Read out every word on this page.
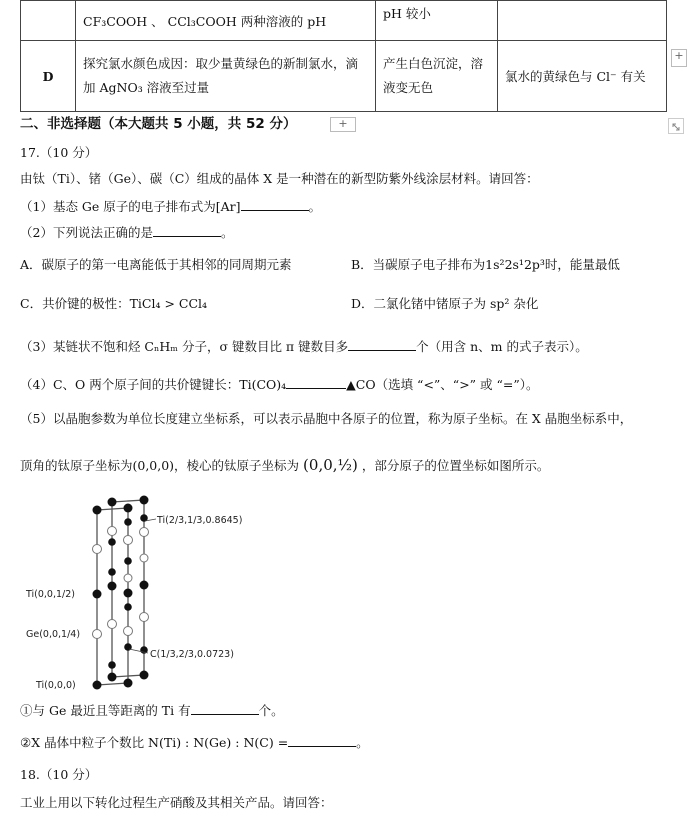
	CF₃COOH 、 CCl₃COOH 两种溶液的 pH	pH 较小	
D	探究氯水颜色成因：取少量黄绿色的新制氯水，滴
加 AgNO₃ 溶液至过量	产生白色沉淀，溶
液变无色	氯水的黄绿色与 Cl⁻ 有关
+
二、非选择题（本大题共 5 小题，共 52 分）	+
17.（10 分）
由钛（Ti）、锗（Ge）、碳（C）组成的晶体 X 是一种潜在的新型防紫外线涂层材料。请回答：
（1）基态 Ge 原子的电子排布式为[Ar]	。
（2）下列说法正确的是	。
A．碳原子的第一电离能低于其相邻的同周期元素	B．当碳原子电子排布为1s²2s¹2p³时，能量最低
C．共价键的极性：TiCl₄ > CCl₄	D．二氯化锗中锗原子为 sp² 杂化
（3）某链状不饱和烃 CₙHₘ 分子，σ 键数目比 π 键数目多	个（用含 n、m 的式子表示）。
（4）C、O 两个原子间的共价键键长：Ti(CO)₄	▲CO（选填 “<”、“>” 或 “=”）。
（5）以晶胞参数为单位长度建立坐标系，可以表示晶胞中各原子的位置，称为原子坐标。在 X 晶胞坐标系中，
顶角的钛原子坐标为(0,0,0)，棱心的钛原子坐标为 (0,0,½) ，部分原子的位置坐标如图所示。
Ti(2/3,1/3,0.8645)
C(1/3,2/3,0.0723)
Ti(0,0,1/2)
Ge(0,0,1/4)
Ti(0,0,0)
①与 Ge 最近且等距离的 Ti 有	个。
②X 晶体中粒子个数比 N(Ti) : N(Ge) : N(C) =	。
18.（10 分）
工业上用以下转化过程生产硝酸及其相关产品。请回答：
